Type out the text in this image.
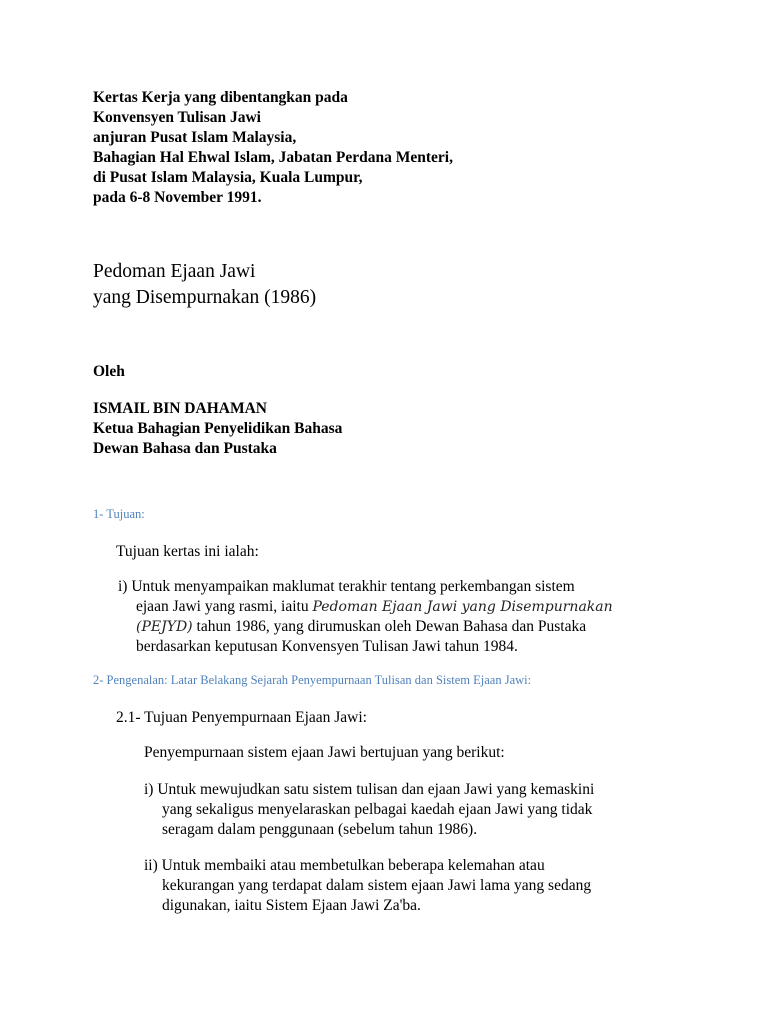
Kertas Kerja yang dibentangkan pada
Konvensyen Tulisan Jawi
anjuran Pusat Islam Malaysia,
Bahagian Hal Ehwal Islam, Jabatan Perdana Menteri,
di Pusat Islam Malaysia, Kuala Lumpur,
pada 6-8 November 1991.
Pedoman Ejaan Jawi
yang Disempurnakan (1986)
Oleh
ISMAIL BIN DAHAMAN
Ketua Bahagian Penyelidikan Bahasa
Dewan Bahasa dan Pustaka
1- Tujuan:
Tujuan kertas ini ialah:
i) Untuk menyampaikan maklumat terakhir tentang perkembangan sistem
ejaan Jawi yang rasmi, iaitu Pedoman Ejaan Jawi yang Disempurnakan
(PEJYD) tahun 1986, yang dirumuskan oleh Dewan Bahasa dan Pustaka
berdasarkan keputusan Konvensyen Tulisan Jawi tahun 1984.
2- Pengenalan: Latar Belakang Sejarah Penyempurnaan Tulisan dan Sistem Ejaan Jawi:
2.1- Tujuan Penyempurnaan Ejaan Jawi:
Penyempurnaan sistem ejaan Jawi bertujuan yang berikut:
i) Untuk mewujudkan satu sistem tulisan dan ejaan Jawi yang kemaskini
yang sekaligus menyelaraskan pelbagai kaedah ejaan Jawi yang tidak
seragam dalam penggunaan (sebelum tahun 1986).
ii) Untuk membaiki atau membetulkan beberapa kelemahan atau
kekurangan yang terdapat dalam sistem ejaan Jawi lama yang sedang
digunakan, iaitu Sistem Ejaan Jawi Za'ba.
